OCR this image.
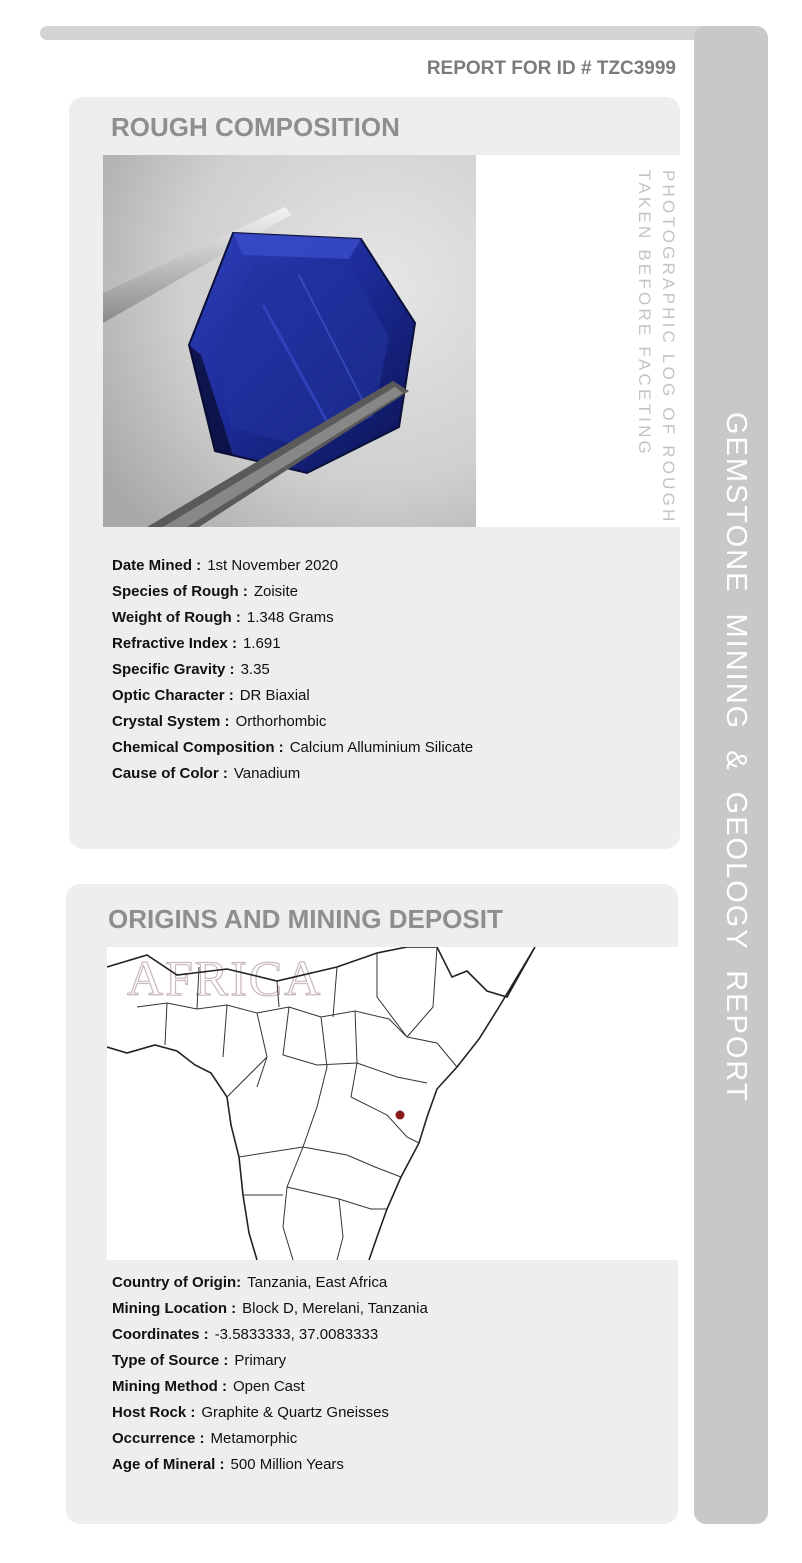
GEMSTONE MINING & GEOLOGY REPORT
REPORT FOR ID # TZC3999
ROUGH COMPOSITION
PHOTOGRAPHIC LOG OF ROUGH
TAKEN BEFORE FACETING
Date Mined : 1st November 2020
Species of Rough : Zoisite
Weight of Rough : 1.348 Grams
Refractive Index : 1.691
Specific Gravity : 3.35
Optic Character : DR Biaxial
Crystal System : Orthorhombic
Chemical Composition : Calcium Alluminium Silicate
Cause of Color : Vanadium
ORIGINS AND MINING DEPOSIT
AFRICA
Country of Origin: Tanzania, East Africa
Mining Location : Block D, Merelani, Tanzania
Coordinates : -3.5833333, 37.0083333
Type of Source : Primary
Mining Method : Open Cast
Host Rock : Graphite & Quartz Gneisses
Occurrence : Metamorphic
Age of Mineral : 500 Million Years
